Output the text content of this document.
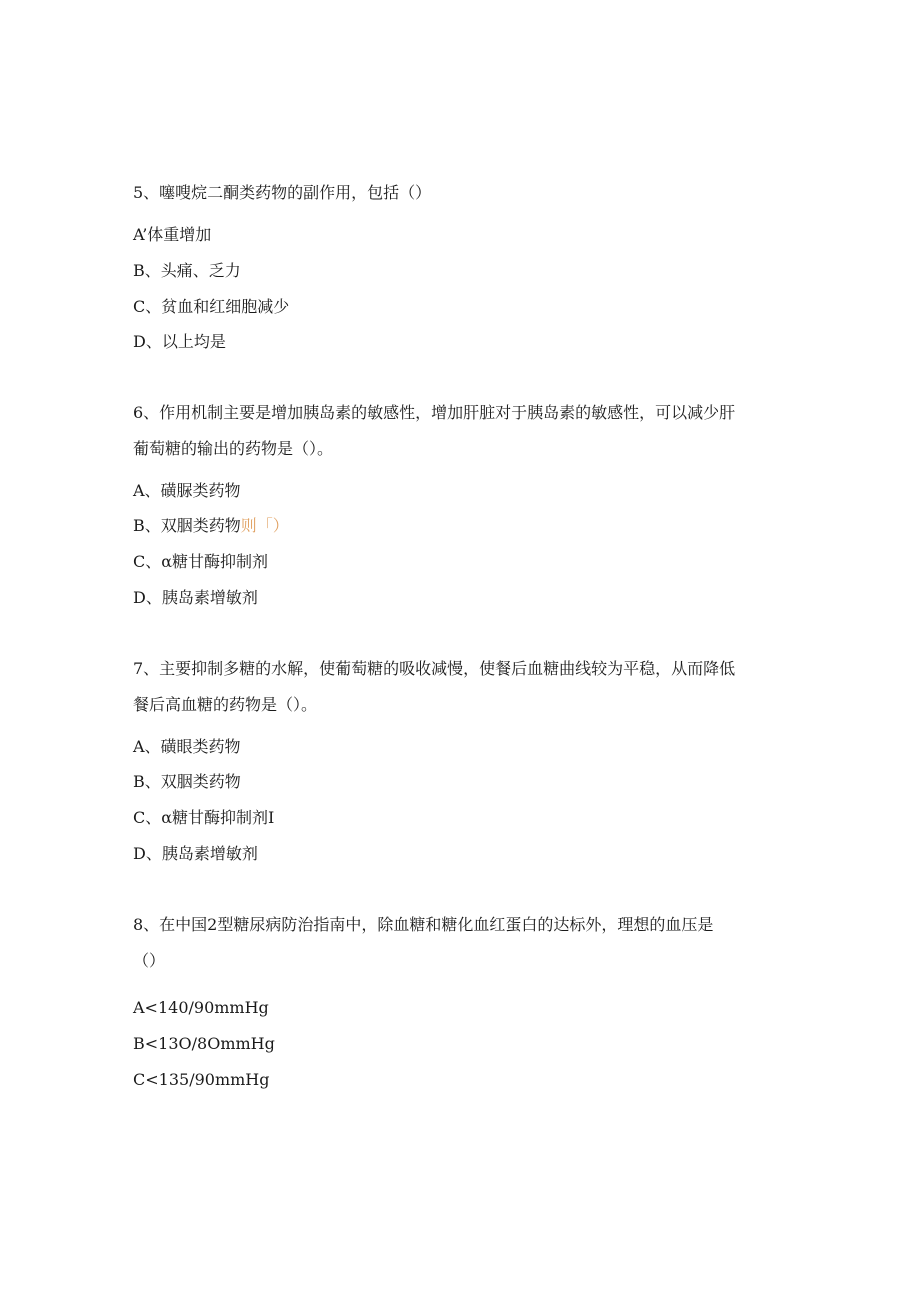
5、噻嗖烷二酮类药物的副作用，包括（）
A’体重增加
B、头痛、乏力
C、贫血和红细胞减少
D、以上均是
6、作用机制主要是增加胰岛素的敏感性，增加肝脏对于胰岛素的敏感性，可以减少肝
葡萄糖的输出的药物是（）。
A、磺脲类药物
B、双胭类药物则「）
C、α糖甘酶抑制剂
D、胰岛素增敏剂
7、主要抑制多糖的水解，使葡萄糖的吸收减慢，使餐后血糖曲线较为平稳，从而降低
餐后高血糖的药物是（）。
A、磺眼类药物
B、双胭类药物
C、α糖甘酶抑制剂I
D、胰岛素增敏剂
8、在中国2型糖尿病防治指南中，除血糖和糖化血红蛋白的达标外，理想的血压是
（）
A<140/90mmHg
B<13O/8OmmHg
C<135/90mmHg
